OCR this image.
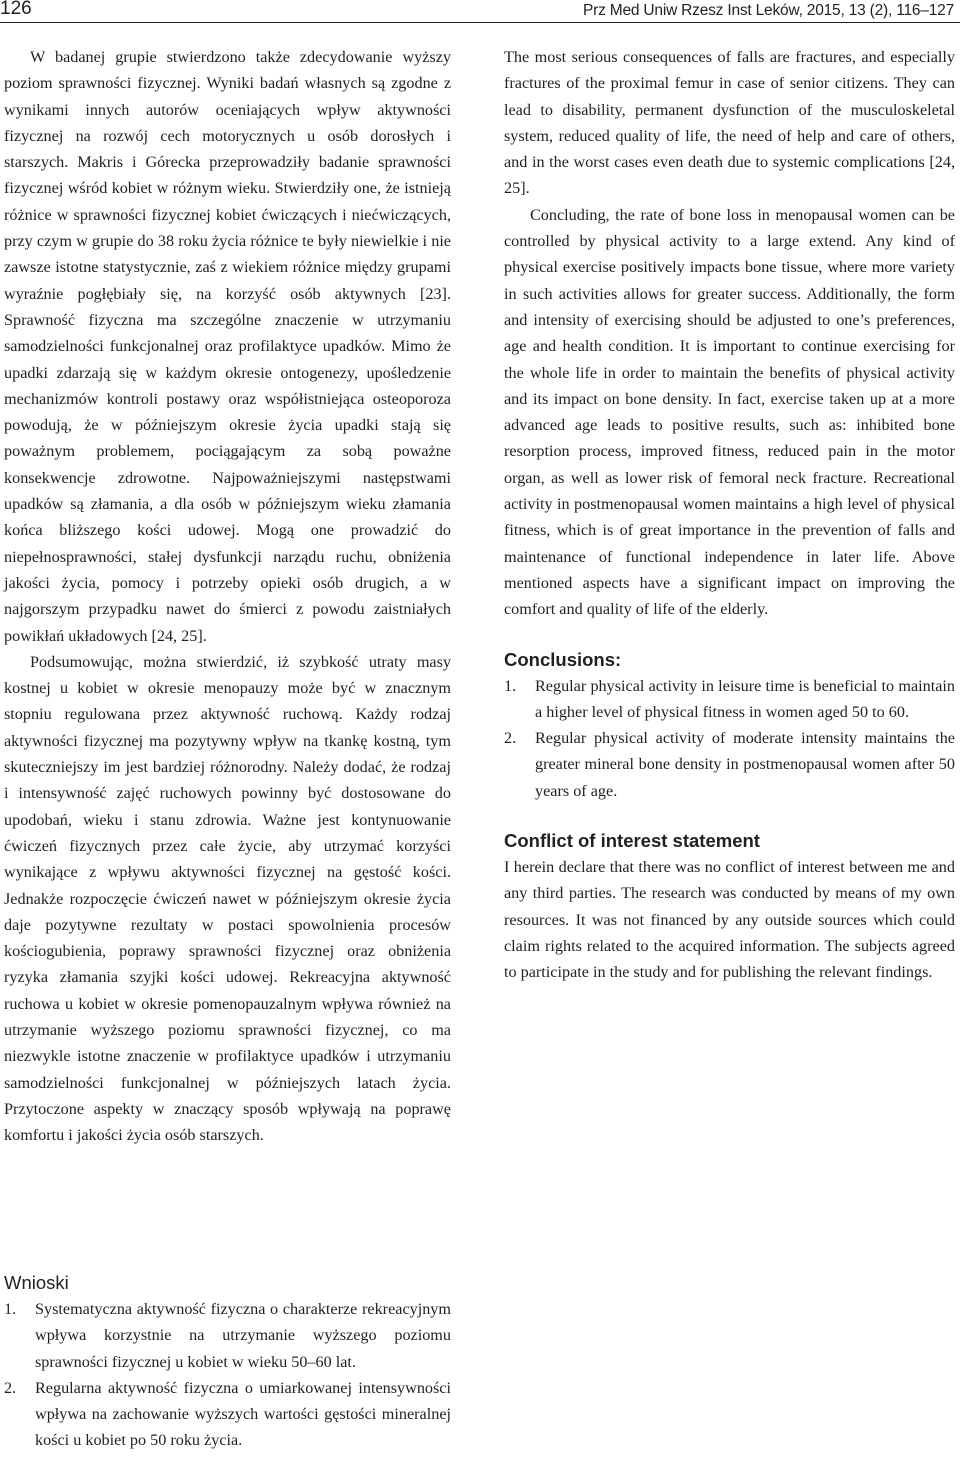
126	Prz Med Uniw Rzesz Inst Leków, 2015, 13 (2), 116–127

W badanej grupie stwierdzono także zdecydowanie wyższy poziom sprawności fizycznej. Wyniki badań własnych są zgodne z wynikami innych autorów oceniających wpływ aktywności fizycznej na rozwój cech motorycznych u osób dorosłych i starszych. Makris i Górecka przeprowadziły badanie sprawności fizycznej wśród kobiet w różnym wieku. Stwierdziły one, że istnieją różnice w sprawności fizycznej kobiet ćwiczących i niećwiczących, przy czym w grupie do 38 roku życia różnice te były niewielkie i nie zawsze istotne statystycznie, zaś z wiekiem różnice między grupami wyraźnie pogłębiały się, na korzyść osób aktywnych [23]. Sprawność fizyczna ma szczególne znaczenie w utrzymaniu samodzielności funkcjonalnej oraz profilaktyce upadków. Mimo że upadki zdarzają się w każdym okresie ontogenezy, upośledzenie mechanizmów kontroli postawy oraz współistniejąca osteoporoza powodują, że w późniejszym okresie życia upadki stają się poważnym problemem, pociągającym za sobą poważne konsekwencje zdrowotne. Najpoważniejszymi następstwami upadków są złamania, a dla osób w późniejszym wieku złamania końca bliższego kości udowej. Mogą one prowadzić do niepełnosprawności, stałej dysfunkcji narządu ruchu, obniżenia jakości życia, pomocy i potrzeby opieki osób drugich, a w najgorszym przypadku nawet do śmierci z powodu zaistniałych powikłań układowych [24, 25].

Podsumowując, można stwierdzić, iż szybkość utraty masy kostnej u kobiet w okresie menopauzy może być w znacznym stopniu regulowana przez aktywność ruchową. Każdy rodzaj aktywności fizycznej ma pozytywny wpływ na tkankę kostną, tym skuteczniejszy im jest bardziej różnorodny. Należy dodać, że rodzaj i intensywność zajęć ruchowych powinny być dostosowane do upodobań, wieku i stanu zdrowia. Ważne jest kontynuowanie ćwiczeń fizycznych przez całe życie, aby utrzymać korzyści wynikające z wpływu aktywności fizycznej na gęstość kości. Jednakże rozpoczęcie ćwiczeń nawet w późniejszym okresie życia daje pozytywne rezultaty w postaci spowolnienia procesów kościogubienia, poprawy sprawności fizycznej oraz obniżenia ryzyka złamania szyjki kości udowej. Rekreacyjna aktywność ruchowa u kobiet w okresie pomenopauzalnym wpływa również na utrzymanie wyższego poziomu sprawności fizycznej, co ma niezwykle istotne znaczenie w profilaktyce upadków i utrzymaniu samodzielności funkcjonalnej w późniejszych latach życia. Przytoczone aspekty w znaczący sposób wpływają na poprawę komfortu i jakości życia osób starszych.

Wnioski
1. Systematyczna aktywność fizyczna o charakterze rekreacyjnym wpływa korzystnie na utrzymanie wyższego poziomu sprawności fizycznej u kobiet w wieku 50–60 lat.
2. Regularna aktywność fizyczna o umiarkowanej intensywności wpływa na zachowanie wyższych wartości gęstości mineralnej kości u kobiet po 50 roku życia.

The most serious consequences of falls are fractures, and especially fractures of the proximal femur in case of senior citizens. They can lead to disability, permanent dysfunction of the musculoskeletal system, reduced quality of life, the need of help and care of others, and in the worst cases even death due to systemic complications [24, 25].

Concluding, the rate of bone loss in menopausal women can be controlled by physical activity to a large extend. Any kind of physical exercise positively impacts bone tissue, where more variety in such activities allows for greater success. Additionally, the form and intensity of exercising should be adjusted to one’s preferences, age and health condition. It is important to continue exercising for the whole life in order to maintain the benefits of physical activity and its impact on bone density. In fact, exercise taken up at a more advanced age leads to positive results, such as: inhibited bone resorption process, improved fitness, reduced pain in the motor organ, as well as lower risk of femoral neck fracture. Recreational activity in postmenopausal women maintains a high level of physical fitness, which is of great importance in the prevention of falls and maintenance of functional independence in later life. Above mentioned aspects have a significant impact on improving the comfort and quality of life of the elderly.

Conclusions:
1. Regular physical activity in leisure time is beneficial to maintain a higher level of physical fitness in women aged 50 to 60.
2. Regular physical activity of moderate intensity maintains the greater mineral bone density in postmenopausal women after 50 years of age.
Conflict of interest statement

I herein declare that there was no conflict of interest between me and any third parties. The research was conducted by means of my own resources. It was not financed by any outside sources which could claim rights related to the acquired information. The subjects agreed to participate in the study and for publishing the relevant findings.
